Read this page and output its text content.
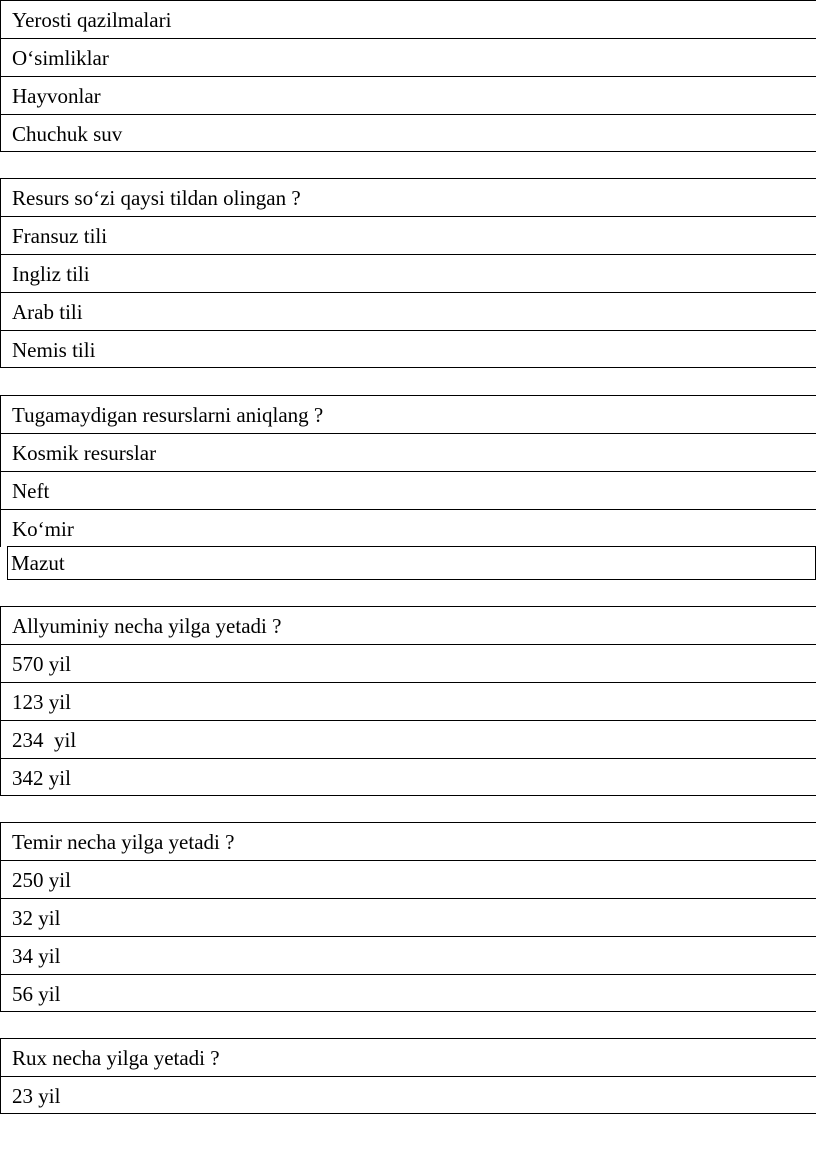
Yerosti qazilmalari
O‘simliklar
Hayvonlar
Chuchuk suv
Resurs so‘zi qaysi tildan olingan ?
Fransuz tili
Ingliz tili
Arab tili
Nemis tili
Tugamaydigan resurslarni aniqlang ?
Kosmik resurslar
Neft
Ko‘mir
Mazut
Allyuminiy necha yilga yetadi ?
570 yil
123 yil
234  yil
342 yil
Temir necha yilga yetadi ?
250 yil
32 yil
34 yil
56 yil
Rux necha yilga yetadi ?
23 yil
